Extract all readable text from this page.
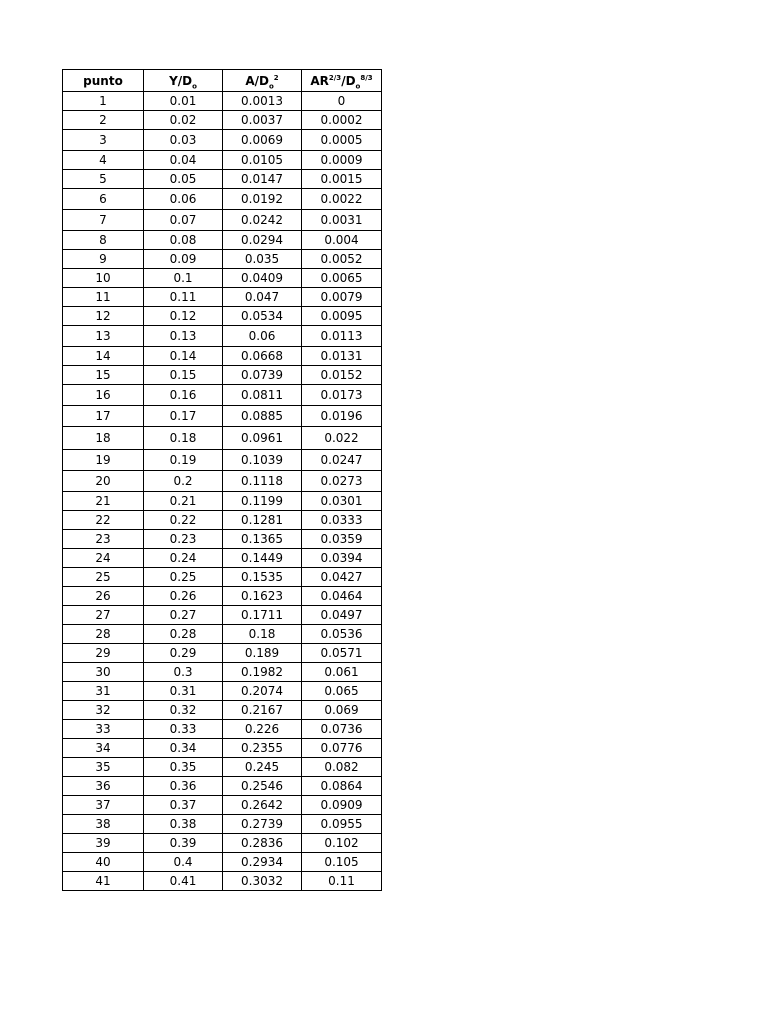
punto	$Y/D_o$	$A/D_o^2$	$AR^{2/3}/D_o^{8/3}$
1	0.01	0.0013	0
2	0.02	0.0037	0.0002
3	0.03	0.0069	0.0005
4	0.04	0.0105	0.0009
5	0.05	0.0147	0.0015
6	0.06	0.0192	0.0022
7	0.07	0.0242	0.0031
8	0.08	0.0294	0.004
9	0.09	0.035	0.0052
10	0.1	0.0409	0.0065
11	0.11	0.047	0.0079
12	0.12	0.0534	0.0095
13	0.13	0.06	0.0113
14	0.14	0.0668	0.0131
15	0.15	0.0739	0.0152
16	0.16	0.0811	0.0173
17	0.17	0.0885	0.0196
18	0.18	0.0961	0.022
19	0.19	0.1039	0.0247
20	0.2	0.1118	0.0273
21	0.21	0.1199	0.0301
22	0.22	0.1281	0.0333
23	0.23	0.1365	0.0359
24	0.24	0.1449	0.0394
25	0.25	0.1535	0.0427
26	0.26	0.1623	0.0464
27	0.27	0.1711	0.0497
28	0.28	0.18	0.0536
29	0.29	0.189	0.0571
30	0.3	0.1982	0.061
31	0.31	0.2074	0.065
32	0.32	0.2167	0.069
33	0.33	0.226	0.0736
34	0.34	0.2355	0.0776
35	0.35	0.245	0.082
36	0.36	0.2546	0.0864
37	0.37	0.2642	0.0909
38	0.38	0.2739	0.0955
39	0.39	0.2836	0.102
40	0.4	0.2934	0.105
41	0.41	0.3032	0.11
